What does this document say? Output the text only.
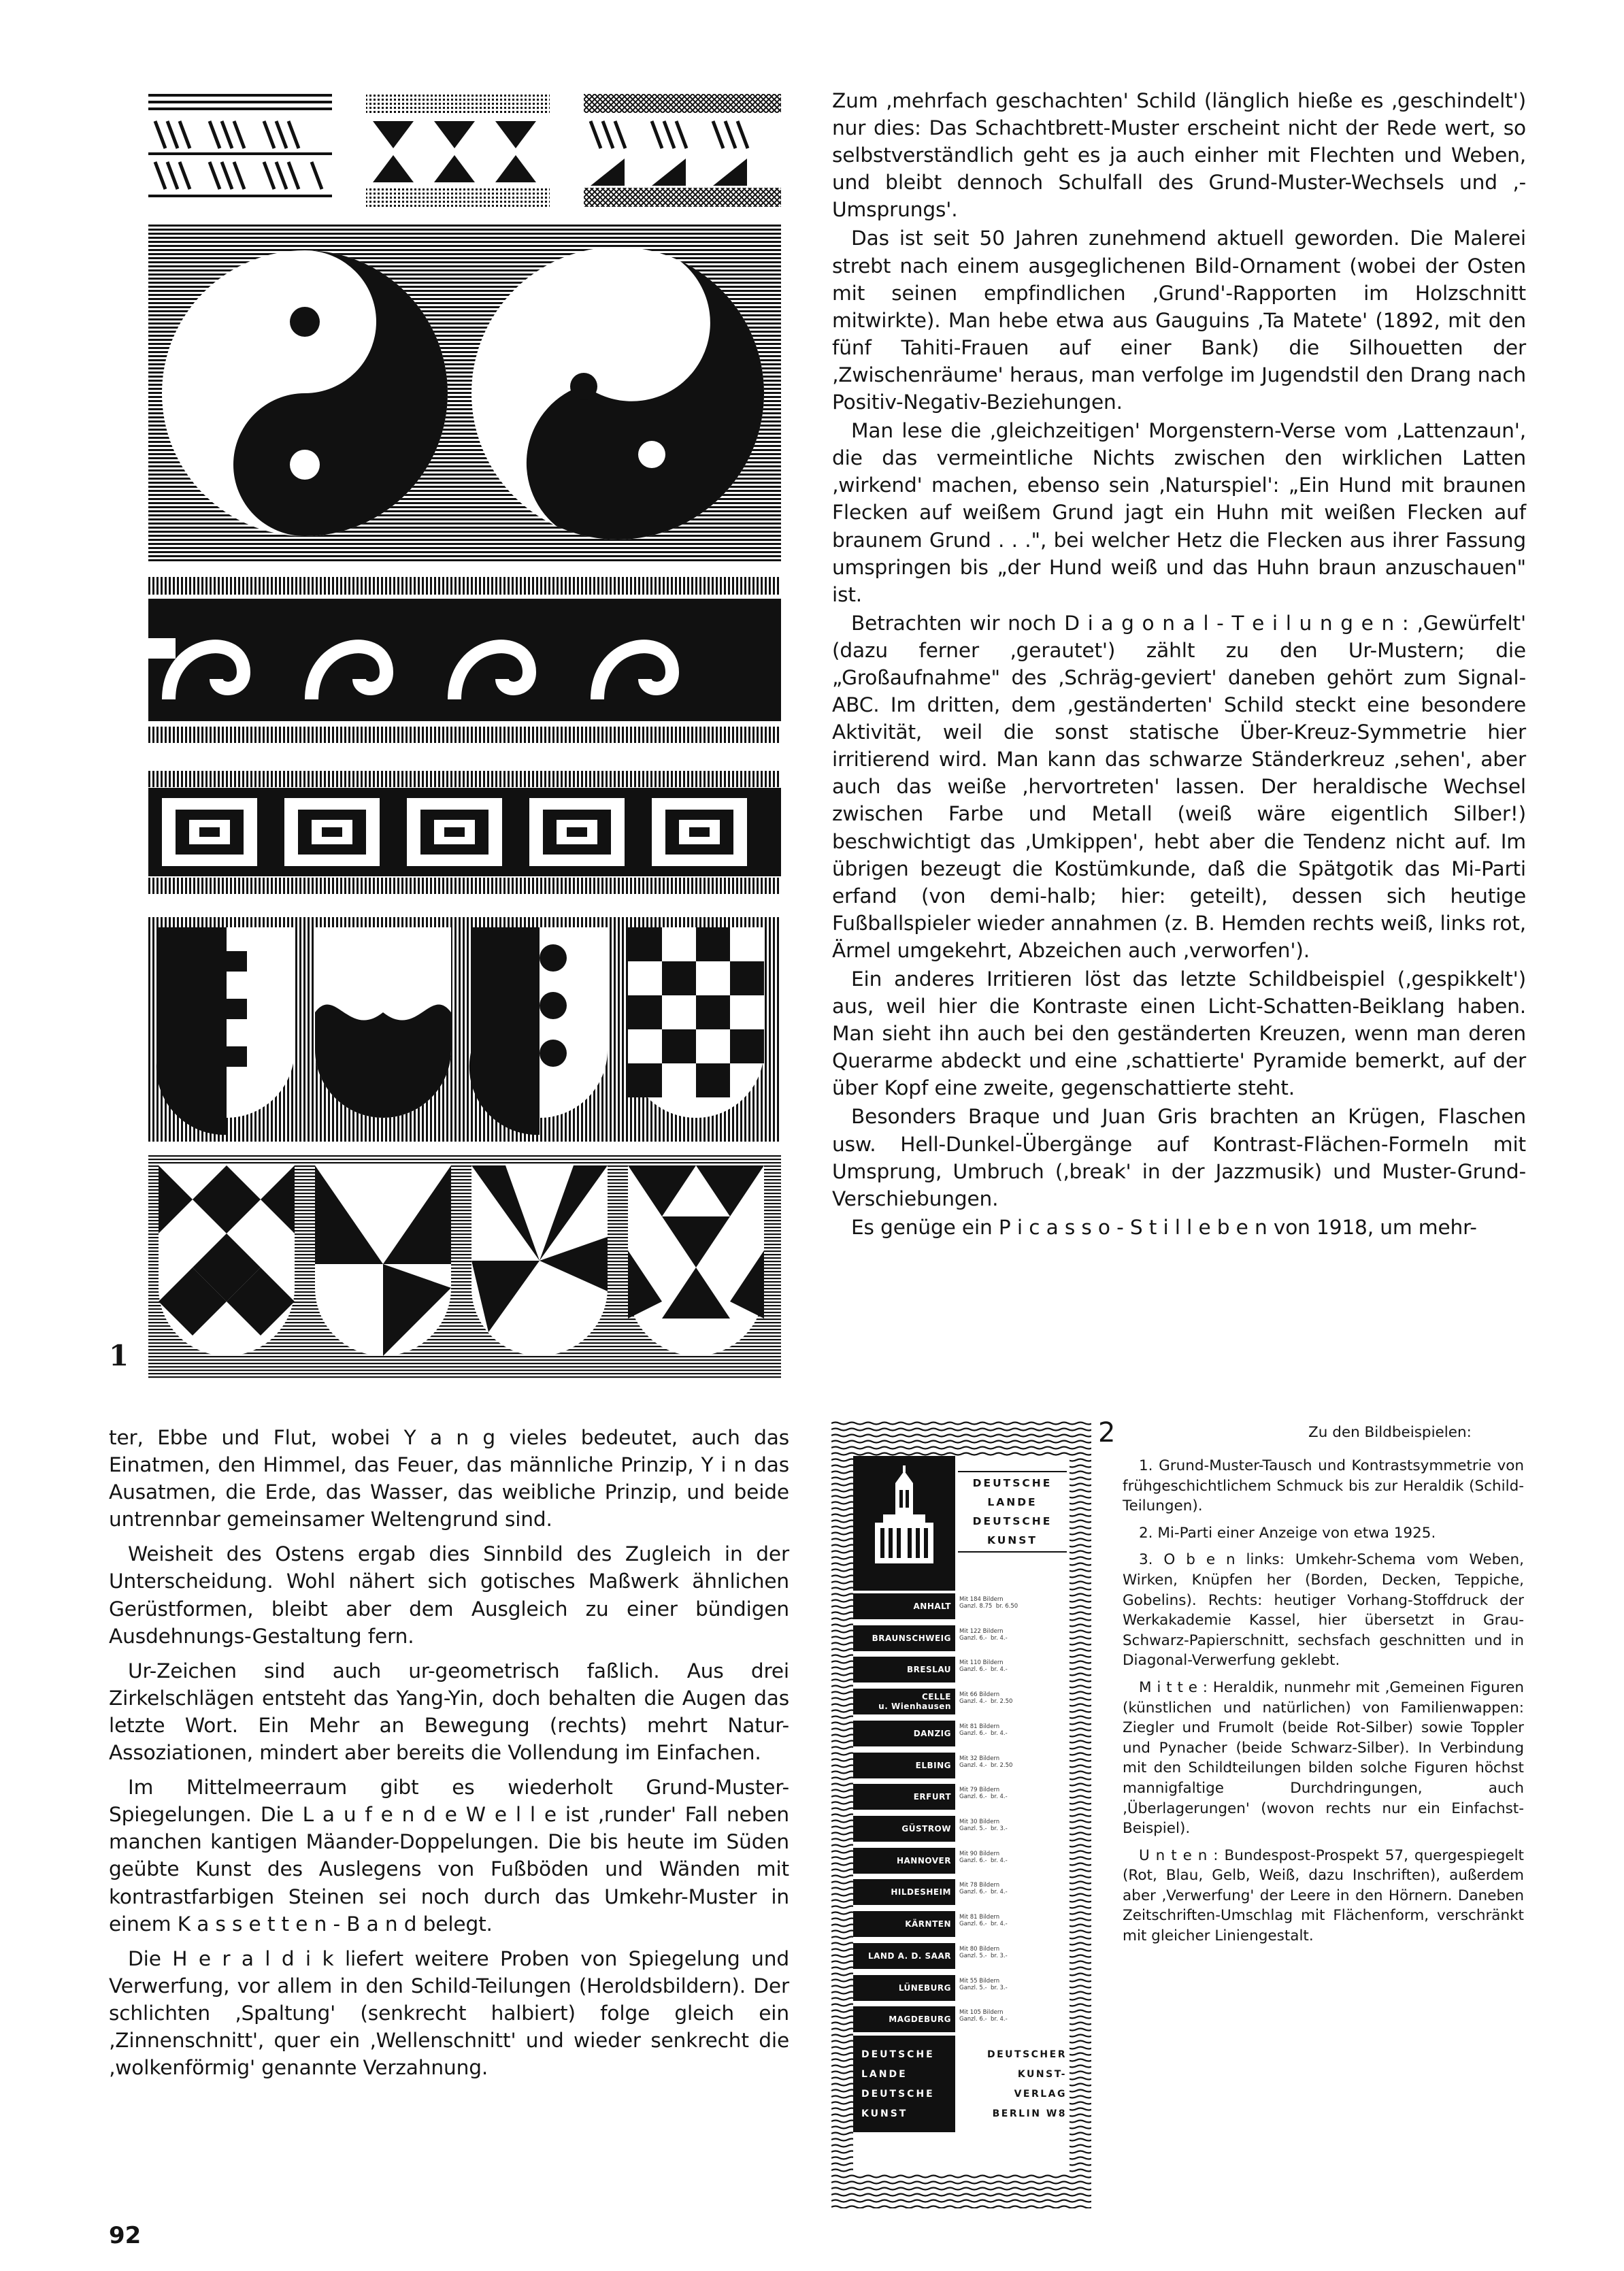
1

Zum ‚mehrfach geschachten' Schild (länglich hieße es ‚geschindelt') nur dies: Das Schachtbrett-Muster erscheint nicht der Rede wert, so selbstverständlich geht es ja auch einher mit Flechten und Weben, und bleibt dennoch Schulfall des Grund-Muster-Wechsels und ‚-Umsprungs'.

Das ist seit 50 Jahren zunehmend aktuell geworden. Die Malerei strebt nach einem ausgeglichenen Bild-Ornament (wobei der Osten mit seinen empfindlichen ‚Grund'-Rapporten im Holzschnitt mitwirkte). Man hebe etwa aus Gauguins ‚Ta Matete' (1892, mit den fünf Tahiti-Frauen auf einer Bank) die Silhouetten der ‚Zwischenräume' heraus, man verfolge im Jugendstil den Drang nach Positiv-Negativ-Beziehungen.

Man lese die ‚gleichzeitigen' Morgenstern-Verse vom ‚Lattenzaun', die das vermeintliche Nichts zwischen den wirklichen Latten ‚wirkend' machen, ebenso sein ‚Naturspiel': „Ein Hund mit braunen Flecken auf weißem Grund jagt ein Huhn mit weißen Flecken auf braunem Grund . . .", bei welcher Hetz die Flecken aus ihrer Fassung umspringen bis „der Hund weiß und das Huhn braun anzuschauen" ist.

Betrachten wir noch D i a g o n a l - T e i l u n g e n : ‚Gewürfelt' (dazu ferner ‚gerautet') zählt zu den Ur-Mustern; die „Großaufnahme" des ‚Schräg-geviert' daneben gehört zum Signal-ABC. Im dritten, dem ‚geständerten' Schild steckt eine besondere Aktivität, weil die sonst statische Über-Kreuz-Symmetrie hier irritierend wird. Man kann das schwarze Ständerkreuz ‚sehen', aber auch das weiße ‚hervortreten' lassen. Der heraldische Wechsel zwischen Farbe und Metall (weiß wäre eigentlich Silber!) beschwichtigt das ‚Umkippen', hebt aber die Tendenz nicht auf. Im übrigen bezeugt die Kostümkunde, daß die Spätgotik das Mi-Parti erfand (von demi-halb; hier: geteilt), dessen sich heutige Fußballspieler wieder annahmen (z. B. Hemden rechts weiß, links rot, Ärmel umgekehrt, Abzeichen auch ‚verworfen').

Ein anderes Irritieren löst das letzte Schildbeispiel (‚gespikkelt') aus, weil hier die Kontraste einen Licht-Schatten-Beiklang haben. Man sieht ihn auch bei den geständerten Kreuzen, wenn man deren Querarme abdeckt und eine ‚schattierte' Pyramide bemerkt, auf der über Kopf eine zweite, gegenschattierte steht.

Besonders Braque und Juan Gris brachten an Krügen, Flaschen usw. Hell-Dunkel-Übergänge auf Kontrast-Flächen-Formeln mit Umsprung, Umbruch (‚break' in der Jazzmusik) und Muster-Grund-Verschiebungen.

Es genüge ein P i c a s s o - S t i l l e b e n von 1918, um mehr-

ter, Ebbe und Flut, wobei Y a n g vieles bedeutet, auch das Einatmen, den Himmel, das Feuer, das männliche Prinzip, Y i n das Ausatmen, die Erde, das Wasser, das weibliche Prinzip, und beide untrennbar gemeinsamer Weltengrund sind.

Weisheit des Ostens ergab dies Sinnbild des Zugleich in der Unterscheidung. Wohl nähert sich gotisches Maßwerk ähnlichen Gerüstformen, bleibt aber dem Ausgleich zu einer bündigen Ausdehnungs-Gestaltung fern.

Ur-Zeichen sind auch ur-geometrisch faßlich. Aus drei Zirkelschlägen entsteht das Yang-Yin, doch behalten die Augen das letzte Wort. Ein Mehr an Bewegung (rechts) mehrt Natur-Assoziationen, mindert aber bereits die Vollendung im Einfachen.

Im Mittelmeerraum gibt es wiederholt Grund-Muster-Spiegelungen. Die L a u f e n d e W e l l e ist ‚runder' Fall neben manchen kantigen Mäander-Doppelungen. Die bis heute im Süden geübte Kunst des Auslegens von Fußböden und Wänden mit kontrastfarbigen Steinen sei noch durch das Umkehr-Muster in einem K a s s e t t e n - B a n d belegt.

Die H e r a l d i k liefert weitere Proben von Spiegelung und Verwerfung, vor allem in den Schild-Teilungen (Heroldsbildern). Der schlichten ‚Spaltung' (senkrecht halbiert) folge gleich ein ‚Zinnenschnitt', quer ein ‚Wellenschnitt' und wieder senkrecht die ‚wolkenförmig' genannte Verzahnung.

DEUTSCHE
LANDE
DEUTSCHE
KUNST
ANHALT
Mit 184 Bildern
Ganzl. 8.75  br. 6.50
BRAUNSCHWEIG
Mit 122 Bildern
Ganzl. 6.-  br. 4.-
BRESLAU
Mit 110 Bildern
Ganzl. 6.-  br. 4.-
CELLE
u. Wienhausen
Mit 66 Bildern
Ganzl. 4.-  br. 2.50
DANZIG
Mit 81 Bildern
Ganzl. 6.-  br. 4.-
ELBING
Mit 32 Bildern
Ganzl. 4.-  br. 2.50
ERFURT
Mit 79 Bildern
Ganzl. 6.-  br. 4.-
GÜSTROW
Mit 30 Bildern
Ganzl. 5.-  br. 3.-
HANNOVER
Mit 90 Bildern
Ganzl. 6.-  br. 4.-
HILDESHEIM
Mit 78 Bildern
Ganzl. 6.-  br. 4.-
KÄRNTEN
Mit 81 Bildern
Ganzl. 6.-  br. 4.-
LAND A. D. SAAR
Mit 80 Bildern
Ganzl. 5.-  br. 3.-
LÜNEBURG
Mit 55 Bildern
Ganzl. 5.-  br. 3.-
MAGDEBURG
Mit 105 Bildern
Ganzl. 6.-  br. 4.-
DEUTSCHE
LANDE
DEUTSCHE
KUNST
DEUTSCHER
KUNST-
VERLAG
BERLIN W8
2	Zu den Bildbeispielen:

1. Grund-Muster-Tausch und Kontrastsymmetrie von frühgeschichtlichem Schmuck bis zur Heraldik (Schild-Teilungen).

2. Mi-Parti einer Anzeige von etwa 1925.

3. O b e n links: Umkehr-Schema vom Weben, Wirken, Knüpfen her (Borden, Decken, Teppiche, Gobelins). Rechts: heutiger Vorhang-Stoffdruck der Werkakademie Kassel, hier übersetzt in Grau-Schwarz-Papierschnitt, sechsfach geschnitten und in Diagonal-Verwerfung geklebt.

M i t t e : Heraldik, nunmehr mit ‚Gemeinen Figuren (künstlichen und natürlichen) von Familienwappen: Ziegler und Frumolt (beide Rot-Silber) sowie Toppler und Pynacher (beide Schwarz-Silber). In Verbindung mit den Schildteilungen bilden solche Figuren höchst mannigfaltige Durchdringungen, auch ‚Überlagerungen' (wovon rechts nur ein Einfachst-Beispiel).

U n t e n : Bundespost-Prospekt 57, quergespiegelt (Rot, Blau, Gelb, Weiß, dazu Inschriften), außerdem aber ‚Verwerfung' der Leere in den Hörnern. Daneben Zeitschriften-Umschlag mit Flächenform, verschränkt mit gleicher Liniengestalt.

92
